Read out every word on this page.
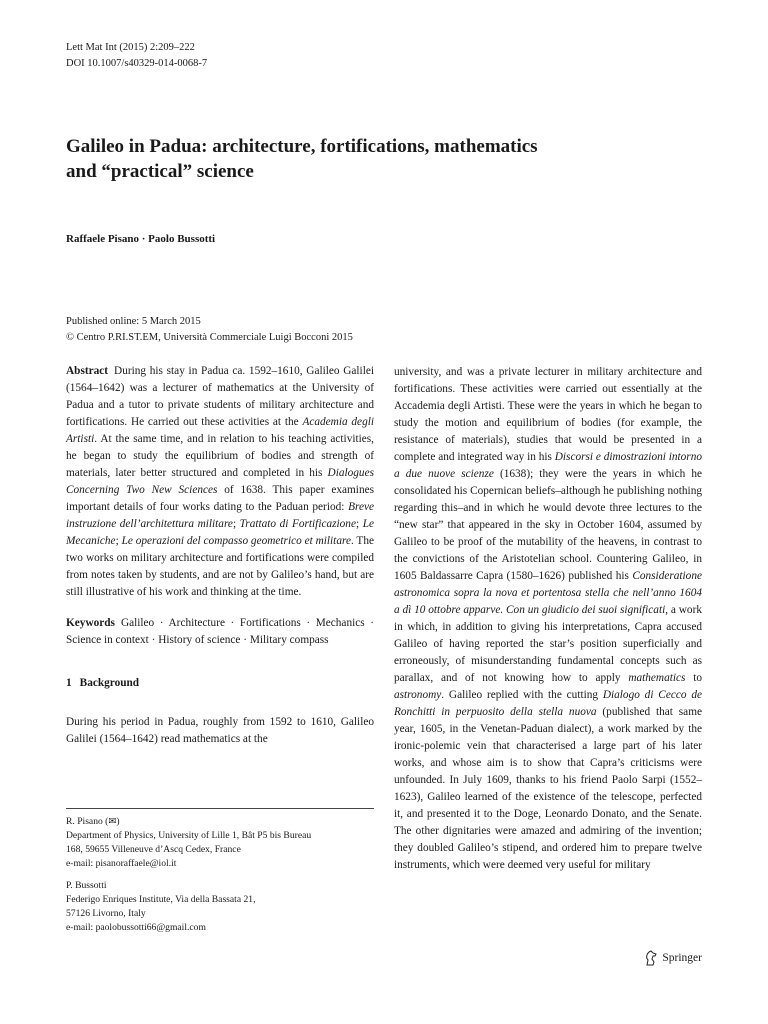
Lett Mat Int (2015) 2:209–222
DOI 10.1007/s40329-014-0068-7
Galileo in Padua: architecture, fortifications, mathematics
and “practical” science
Raffaele Pisano · Paolo Bussotti
Published online: 5 March 2015
© Centro P.RI.ST.EM, Università Commerciale Luigi Bocconi 2015

Abstract During his stay in Padua ca. 1592–1610, Galileo Galilei (1564–1642) was a lecturer of mathematics at the University of Padua and a tutor to private students of military architecture and fortifications. He carried out these activities at the Academia degli Artisti. At the same time, and in relation to his teaching activities, he began to study the equilibrium of bodies and strength of materials, later better structured and completed in his Dialogues Concerning Two New Sciences of 1638. This paper examines important details of four works dating to the Paduan period: Breve instruzione dell’architettura militare; Trattato di Fortificazione; Le Mecaniche; Le operazioni del compasso geometrico et militare. The two works on military architecture and fortifications were compiled from notes taken by students, and are not by Galileo’s hand, but are still illustrative of his work and thinking at the time.

Keywords Galileo · Architecture · Fortifications · Mechanics · Science in context · History of science · Military compass

1 Background

During his period in Padua, roughly from 1592 to 1610, Galileo Galilei (1564–1642) read mathematics at the

university, and was a private lecturer in military architecture and fortifications. These activities were carried out essentially at the Accademia degli Artisti. These were the years in which he began to study the motion and equilibrium of bodies (for example, the resistance of materials), studies that would be presented in a complete and integrated way in his Discorsi e dimostrazioni intorno a due nuove scienze (1638); they were the years in which he consolidated his Copernican beliefs–although he publishing nothing regarding this–and in which he would devote three lectures to the “new star” that appeared in the sky in October 1604, assumed by Galileo to be proof of the mutability of the heavens, in contrast to the convictions of the Aristotelian school. Countering Galileo, in 1605 Baldassarre Capra (1580–1626) published his Consideratione astronomica sopra la nova et portentosa stella che nell’anno 1604 a dì 10 ottobre apparve. Con un giudicio dei suoi significati, a work in which, in addition to giving his interpretations, Capra accused Galileo of having reported the star’s position superficially and erroneously, of misunderstanding fundamental concepts such as parallax, and of not knowing how to apply mathematics to astronomy. Galileo replied with the cutting Dialogo di Cecco de Ronchitti in perpuosito della stella nuova (published that same year, 1605, in the Venetan-Paduan dialect), a work marked by the ironic-polemic vein that characterised a large part of his later works, and whose aim is to show that Capra’s criticisms were unfounded. In July 1609, thanks to his friend Paolo Sarpi (1552–1623), Galileo learned of the existence of the telescope, perfected it, and presented it to the Doge, Leonardo Donato, and the Senate. The other dignitaries were amazed and admiring of the invention; they doubled Galileo’s stipend, and ordered him to prepare twelve instruments, which were deemed very useful for military

R. Pisano (✉)
Department of Physics, University of Lille 1, Bât P5 bis Bureau
168, 59655 Villeneuve d’Ascq Cedex, France
e-mail: pisanoraffaele@iol.it

P. Bussotti
Federigo Enriques Institute, Via della Bassata 21,
57126 Livorno, Italy
e-mail: paolobussotti66@gmail.com

Springer
